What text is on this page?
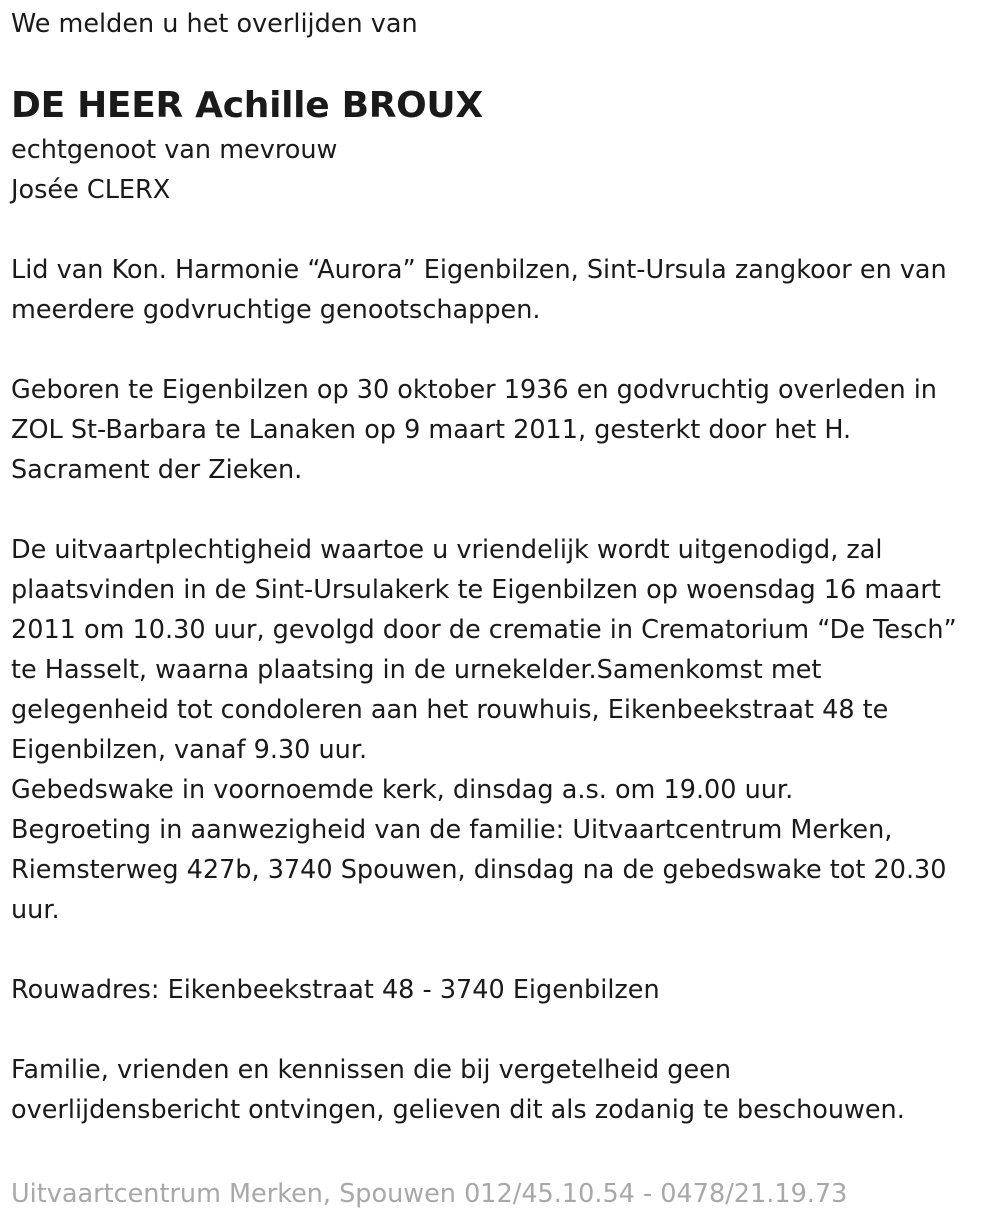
We melden u het overlijden van

DE HEER Achille BROUX

echtgenoot van mevrouw

Josée CLERX

Lid van Kon. Harmonie “Aurora” Eigenbilzen, Sint-Ursula zangkoor en van

meerdere godvruchtige genootschappen.

Geboren te Eigenbilzen op 30 oktober 1936 en godvruchtig overleden in

ZOL St-Barbara te Lanaken op 9 maart 2011, gesterkt door het H.

Sacrament der Zieken.

De uitvaartplechtigheid waartoe u vriendelijk wordt uitgenodigd, zal

plaatsvinden in de Sint-Ursulakerk te Eigenbilzen op woensdag 16 maart

2011 om 10.30 uur, gevolgd door de crematie in Crematorium “De Tesch”

te Hasselt, waarna plaatsing in de urnekelder.Samenkomst met

gelegenheid tot condoleren aan het rouwhuis, Eikenbeekstraat 48 te

Eigenbilzen, vanaf 9.30 uur.

Gebedswake in voornoemde kerk, dinsdag a.s. om 19.00 uur.

Begroeting in aanwezigheid van de familie: Uitvaartcentrum Merken,

Riemsterweg 427b, 3740 Spouwen, dinsdag na de gebedswake tot 20.30

uur.

Rouwadres: Eikenbeekstraat 48 - 3740 Eigenbilzen

Familie, vrienden en kennissen die bij vergetelheid geen

overlijdensbericht ontvingen, gelieven dit als zodanig te beschouwen.

Uitvaartcentrum Merken, Spouwen 012/45.10.54 - 0478/21.19.73
